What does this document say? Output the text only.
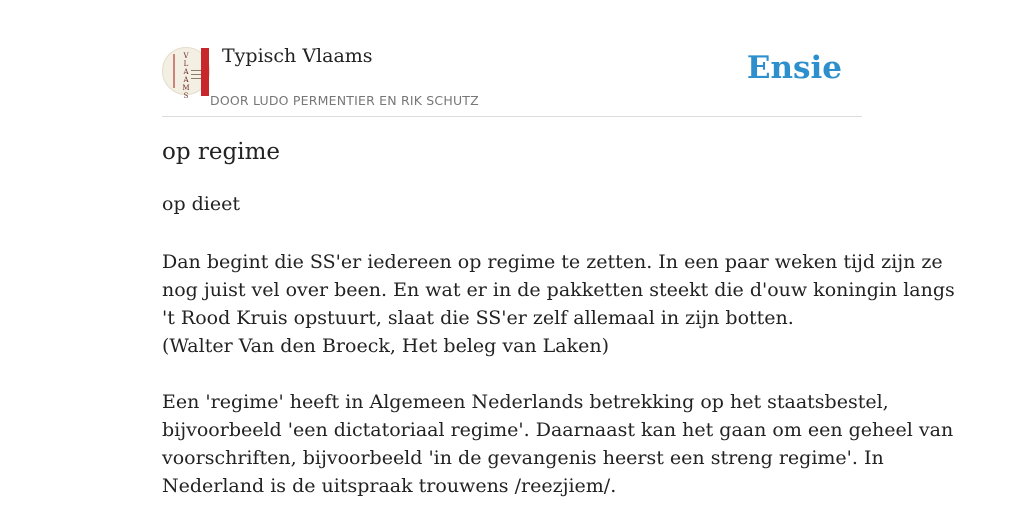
V
L
A
A
M
S
Typisch Vlaams
DOOR LUDO PERMENTIER EN RIK SCHUTZ
Ensie
op regime
op dieet
Dan begint die SS'er iedereen op regime te zetten. In een paar weken tijd zijn ze
nog juist vel over been. En wat er in de pakketten steekt die d'ouw koningin langs
't Rood Kruis opstuurt, slaat die SS'er zelf allemaal in zijn botten.
(Walter Van den Broeck, Het beleg van Laken)
Een 'regime' heeft in Algemeen Nederlands betrekking op het staatsbestel,
bijvoorbeeld 'een dictatoriaal regime'. Daarnaast kan het gaan om een geheel van
voorschriften, bijvoorbeeld 'in de gevangenis heerst een streng regime'. In
Nederland is de uitspraak trouwens /reezjiem/.
